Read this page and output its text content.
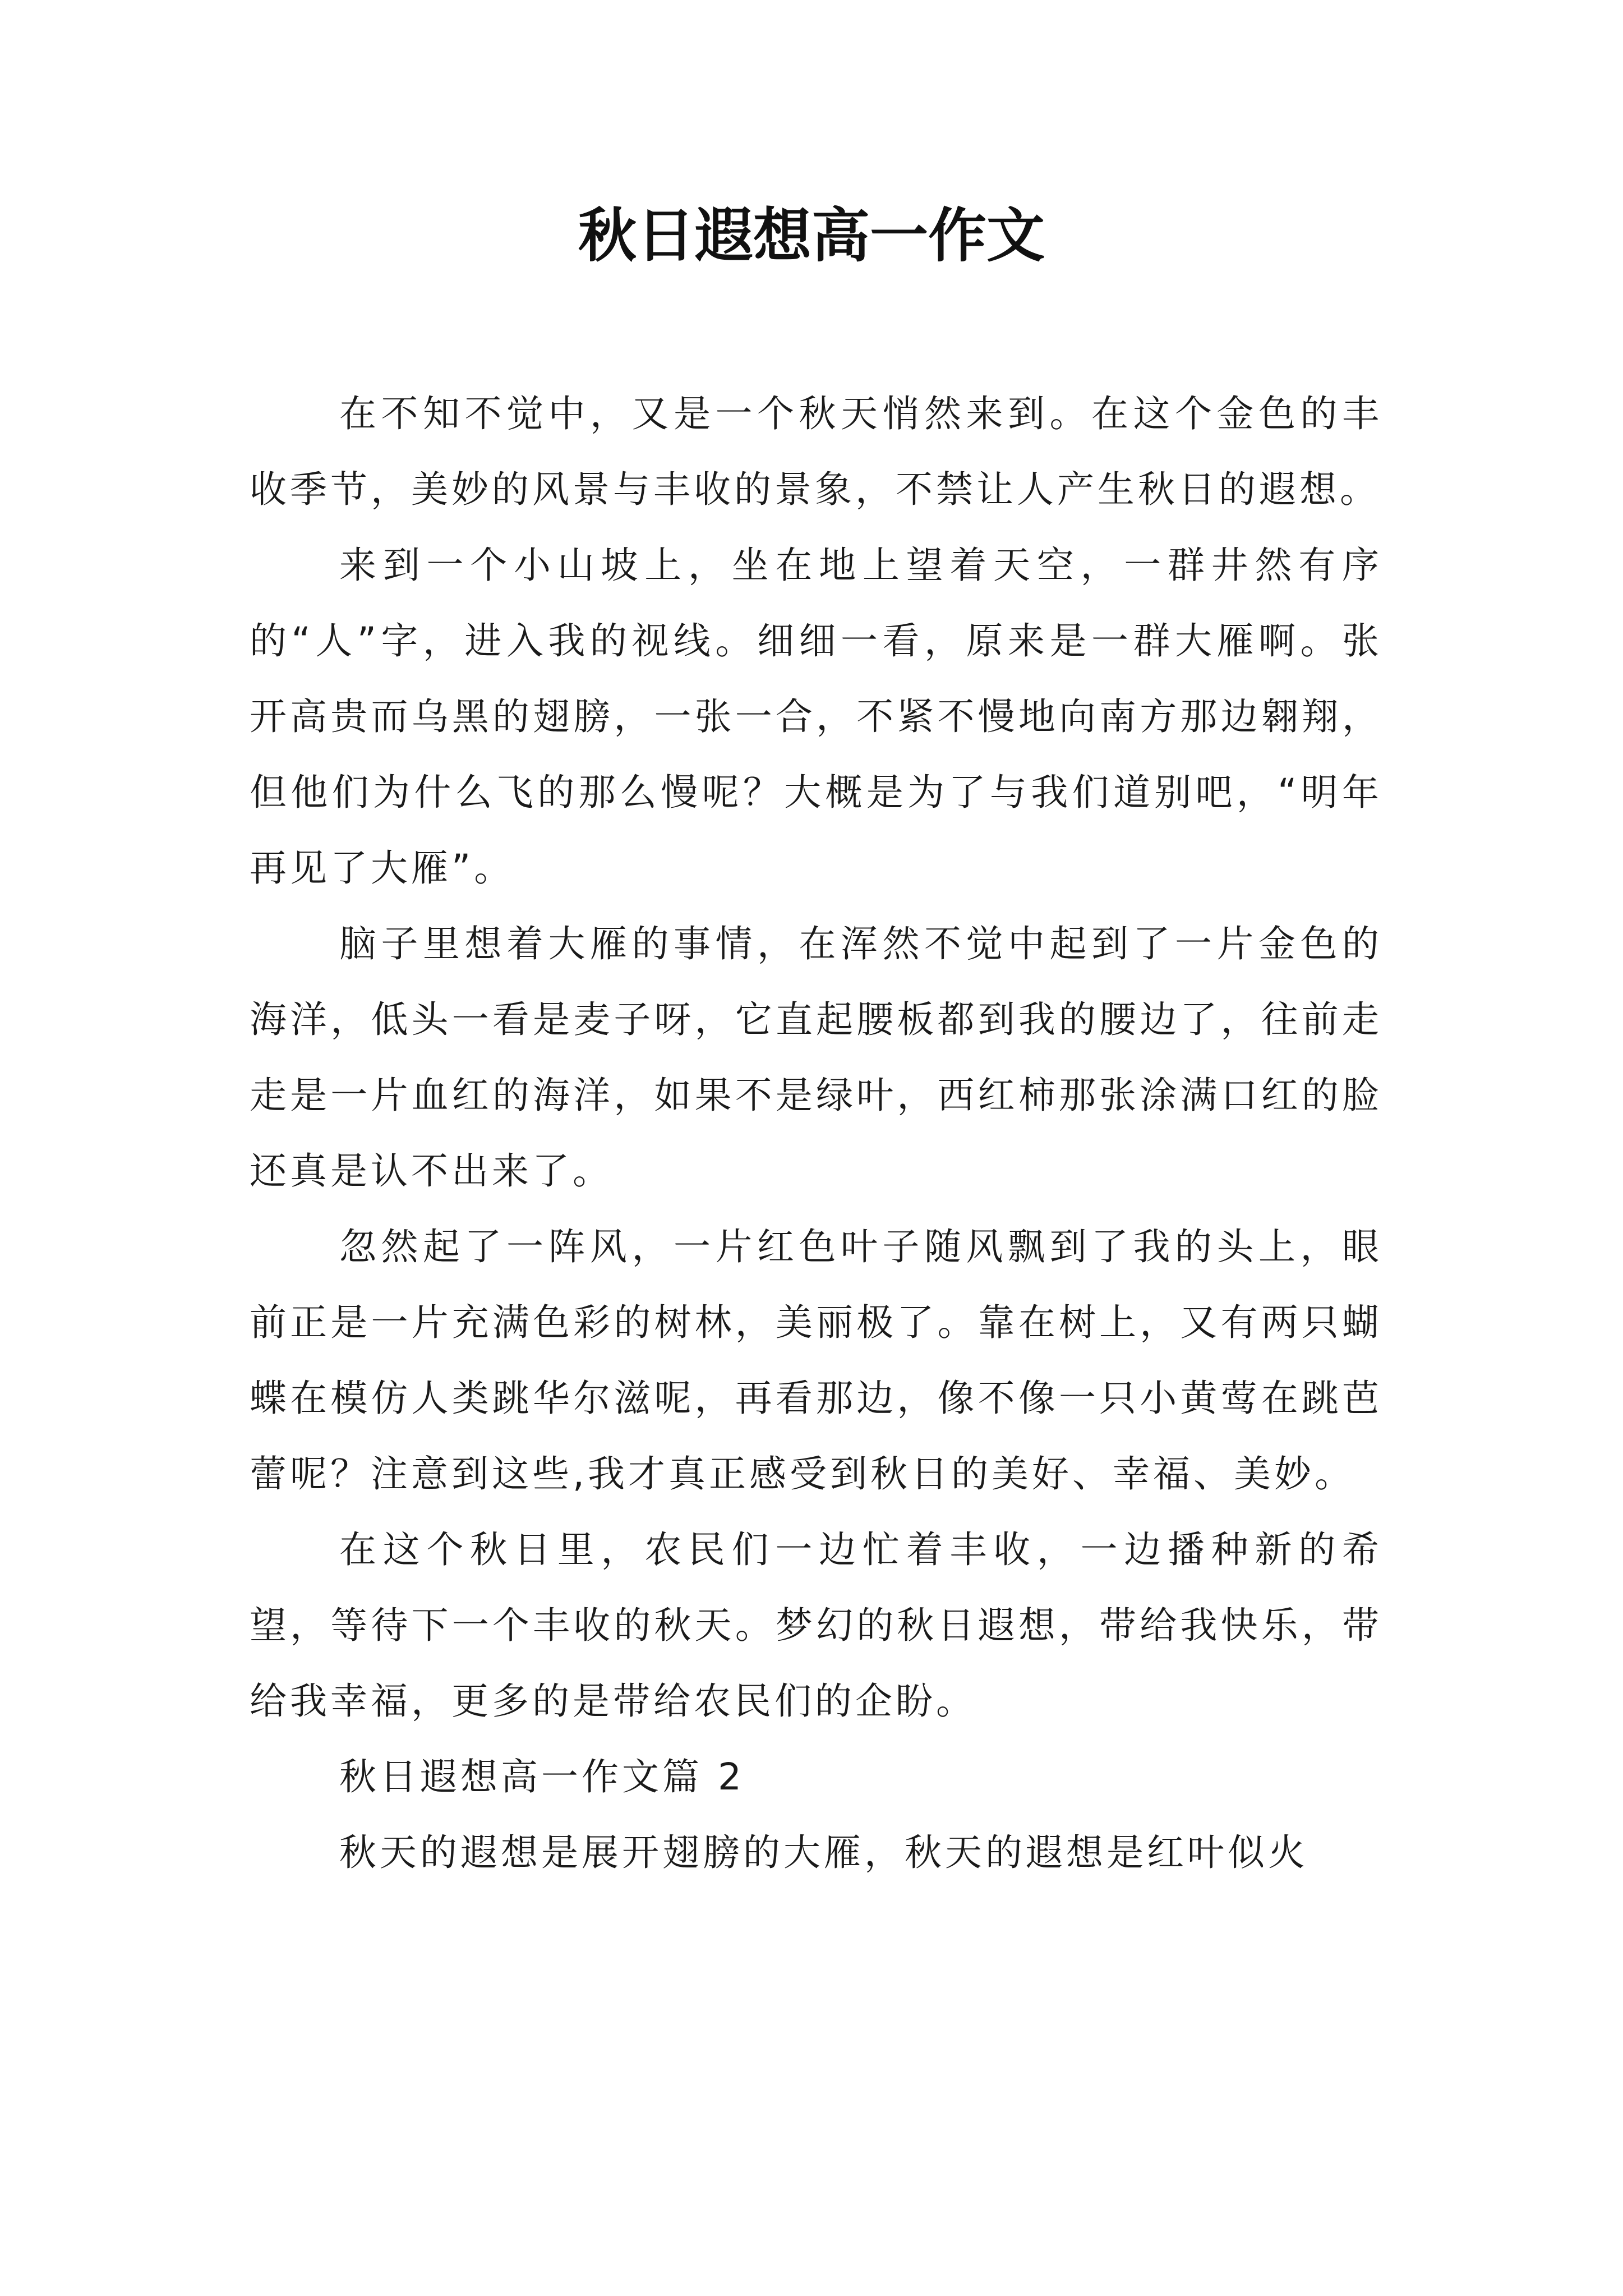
秋日遐想高一作文

在不知不觉中，又是一个秋天悄然来到。在这个金色的丰收季节，美妙的风景与丰收的景象，不禁让人产生秋日的遐想。

来到一个小山坡上，坐在地上望着天空，一群井然有序的“人”字，进入我的视线。细细一看，原来是一群大雁啊。张开高贵而乌黑的翅膀，一张一合，不紧不慢地向南方那边翱翔，但他们为什么飞的那么慢呢？大概是为了与我们道别吧，“明年再见了大雁”。

脑子里想着大雁的事情，在浑然不觉中起到了一片金色的海洋，低头一看是麦子呀，它直起腰板都到我的腰边了，往前走走是一片血红的海洋，如果不是绿叶，西红柿那张涂满口红的脸还真是认不出来了。

忽然起了一阵风，一片红色叶子随风飘到了我的头上，眼前正是一片充满色彩的树林，美丽极了。靠在树上，又有两只蝴蝶在模仿人类跳华尔滋呢，再看那边，像不像一只小黄莺在跳芭蕾呢？注意到这些,我才真正感受到秋日的美好、幸福、美妙。

在这个秋日里，农民们一边忙着丰收，一边播种新的希望，等待下一个丰收的秋天。梦幻的秋日遐想，带给我快乐，带给我幸福，更多的是带给农民们的企盼。

秋日遐想高一作文篇 2

秋天的遐想是展开翅膀的大雁，秋天的遐想是红叶似火
